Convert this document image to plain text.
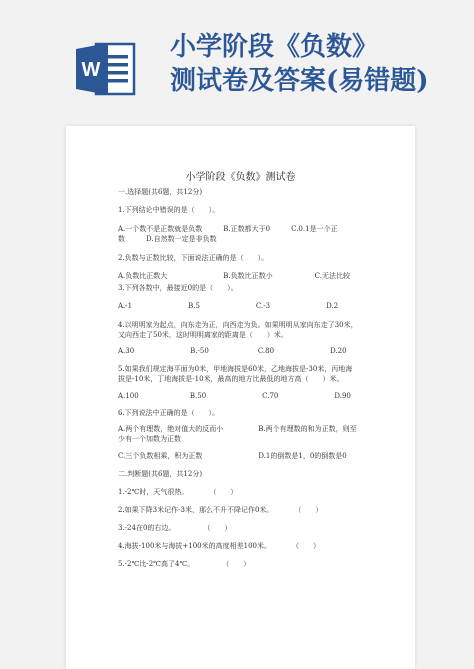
W
小学阶段《负数》
测试卷及答案(易错题)
小学阶段《负数》测试卷
一.选择题(共6题，共12分)
1.下列结论中错误的是（　　）。
A.一个数不是正数就是负数　　　B.正数都大于0　　　C.0.1是一个正
数　　　D.自然数一定是非负数
2.负数与正数比较，下面说法正确的是（　　）。
A.负数比正数大　　　　　　　　B.负数比正数小　　　　　　C.无法比较
3.下列各数中，最接近0的是（　　）。
A.-1　　　　　　　　B.5　　　　　　　　C.-3　　　　　　　　D.2
4.以明明家为起点，向东走为正，向西走为负。如果明明从家向东走了30米，
又向西走了50米，这时明明离家的距离是（　　）米。
A.30　　　　　　　　B.-50　　　　　　　C.80　　　　　　　　D.20
5.如果我们规定海平面为0米，甲地海拔是60米，乙地海拔是-30米，丙地海
拔是-10米，丁地海拔是-10米，最高的地方比最低的地方高（　　）米。
A.100　　　　　　　 B.50　　　　　　　　C.70　　　　　　　　D.90
6.下列说法中正确的是（　　）。
A.两个有理数，绝对值大的反而小　　　　　B.两个有理数的和为正数，则至
少有一个加数为正数
C.三个负数相乘，积为正数　　　　　　　　D.1的倒数是1，0的倒数是0
二.判断题(共6题，共12分)
1.-2℃时，天气很热。　　　　（　　）
2.如果下降3米记作-3米，那么不升不降记作0米。　　　　（　　）
3.-24在0的右边。　　　　　（　　）
4.海拔-100米与海拔+100米的高度相差100米。　　　　（　　）
5.-2℃比-2℃高了4℃。　　　　　（　　）
